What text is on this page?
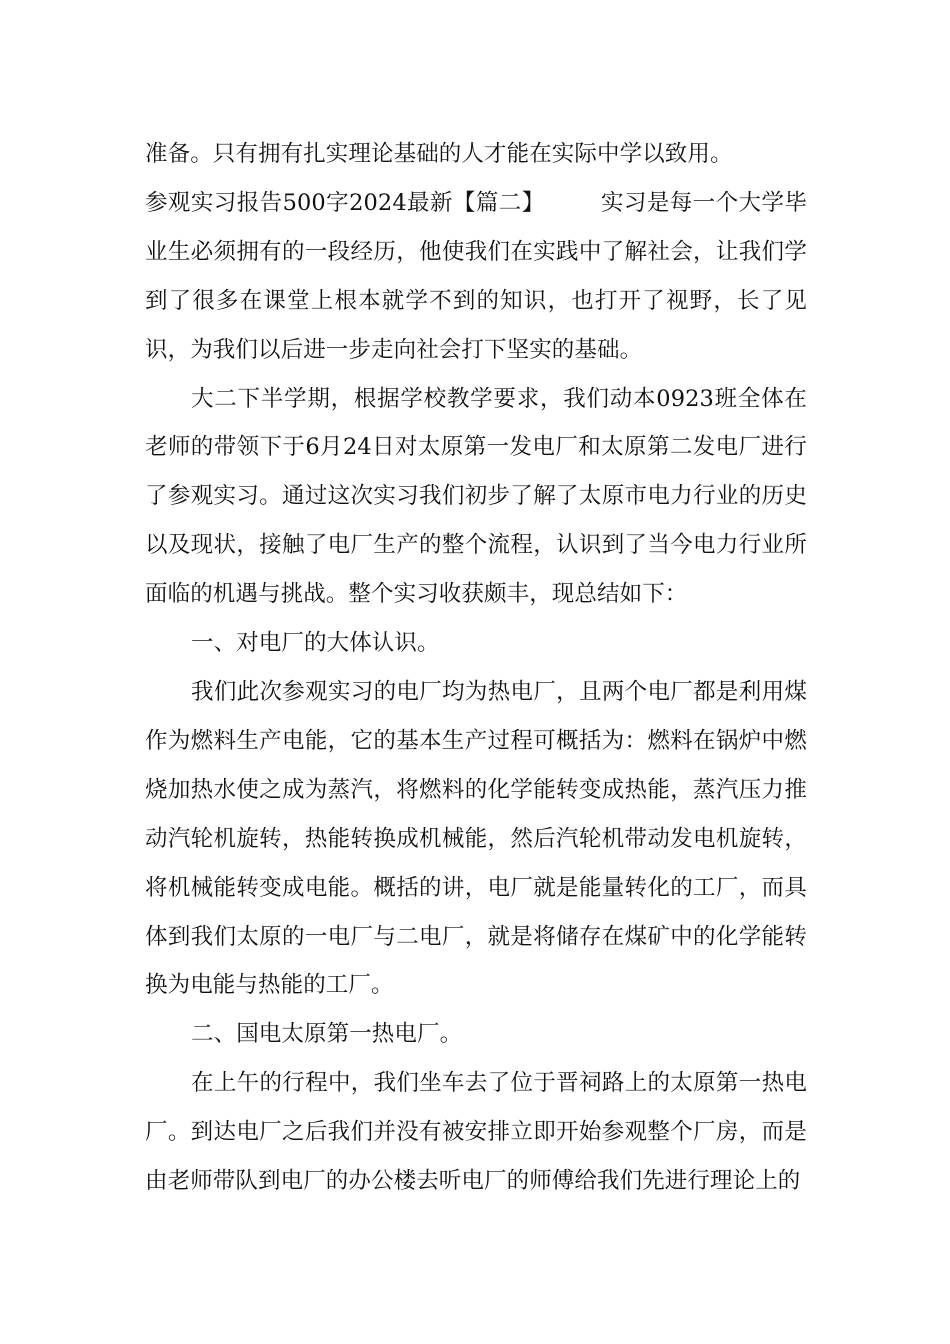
准备。只有拥有扎实理论基础的人才能在实际中学以致用。

参观实习报告500字2024最新【篇二】 实习是每一个大学毕业生必须拥有的一段经历，他使我们在实践中了解社会，让我们学到了很多在课堂上根本就学不到的知识，也打开了视野，长了见识，为我们以后进一步走向社会打下坚实的基础。

大二下半学期，根据学校教学要求，我们动本0923班全体在老师的带领下于6月24日对太原第一发电厂和太原第二发电厂进行了参观实习。通过这次实习我们初步了解了太原市电力行业的历史以及现状，接触了电厂生产的整个流程，认识到了当今电力行业所面临的机遇与挑战。整个实习收获颇丰，现总结如下：

一、对电厂的大体认识。

我们此次参观实习的电厂均为热电厂，且两个电厂都是利用煤作为燃料生产电能，它的基本生产过程可概括为：燃料在锅炉中燃烧加热水使之成为蒸汽，将燃料的化学能转变成热能，蒸汽压力推动汽轮机旋转，热能转换成机械能，然后汽轮机带动发电机旋转，将机械能转变成电能。概括的讲，电厂就是能量转化的工厂，而具体到我们太原的一电厂与二电厂，就是将储存在煤矿中的化学能转换为电能与热能的工厂。

二、国电太原第一热电厂。

在上午的行程中，我们坐车去了位于晋祠路上的太原第一热电厂。到达电厂之后我们并没有被安排立即开始参观整个厂房，而是由老师带队到电厂的办公楼去听电厂的师傅给我们先进行理论上的
